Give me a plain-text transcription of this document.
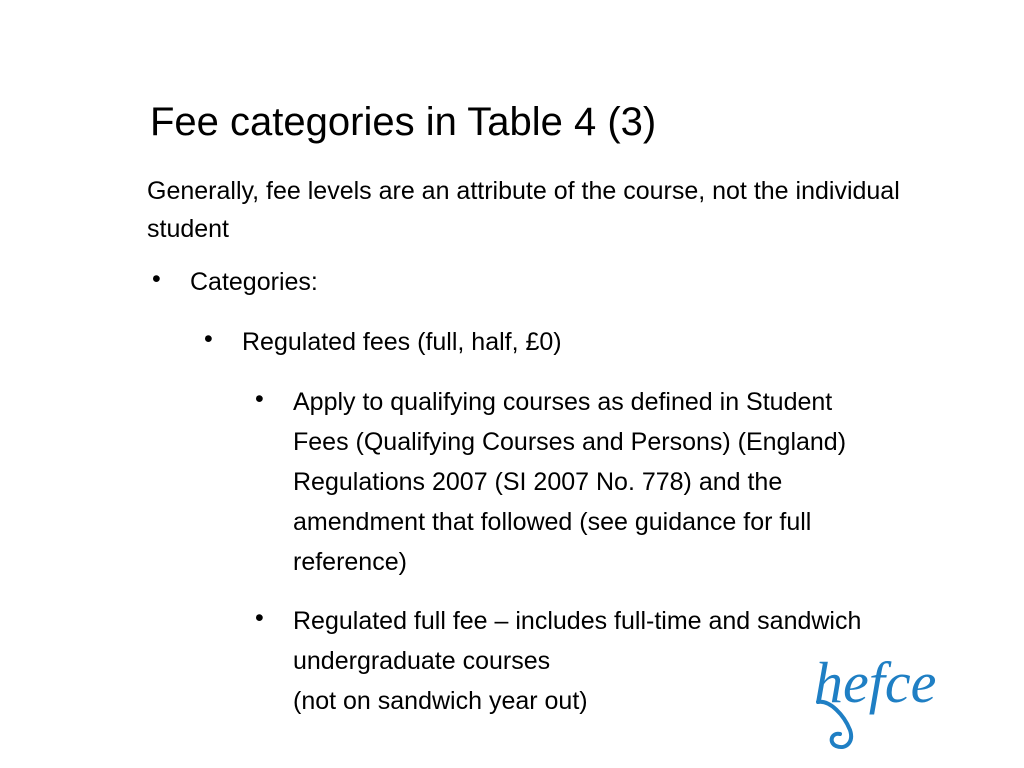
Fee categories in Table 4 (3)

Generally, fee levels are an attribute of the course, not the individual student

• Categories:
• Regulated fees (full, half, £0)
• Apply to qualifying courses as defined in Student Fees (Qualifying Courses and Persons) (England) Regulations 2007 (SI 2007 No. 778) and the amendment that followed (see guidance for full reference)
• Regulated full fee – includes full-time and sandwich undergraduate courses
(not on sandwich year out)	hefce
